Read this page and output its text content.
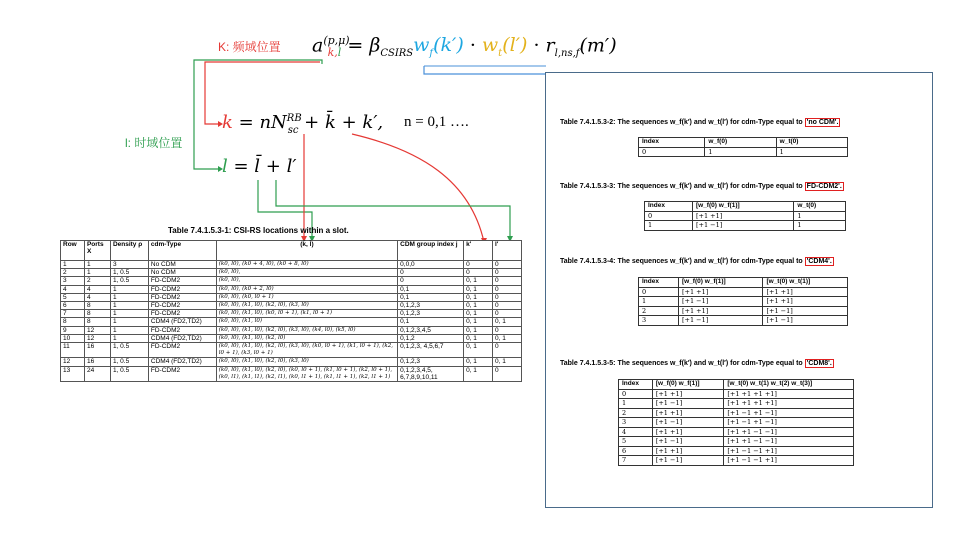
K: 频域位置
l: 时域位置
$a^{(p,\mu)}_{k,l} = \beta_{CSIRS}w_f(k') \cdot w_t(l') \cdot r_{l,ns,f}(m')$
$k = nN^{RB}_{sc}$ + k̄ + k′, n = 0,1 ….
l = l̄ + l′
Table 7.4.1.5.3-1: CSI-RS locations within a slot.
Row	Ports X	Density ρ	cdm-Type	(k̄, l̄)	CDM group index j	k′	l′
1	1	3	No CDM	(k0, l0), (k0 + 4, l0), (k0 + 8, l0)	0,0,0	0	0
2	1	1, 0.5	No CDM	(k0, l0),	0	0	0
3	2	1, 0.5	FD-CDM2	(k0, l0),	0	0, 1	0
4	4	1	FD-CDM2	(k0, l0), (k0 + 2, l0)	0,1	0, 1	0
5	4	1	FD-CDM2	(k0, l0), (k0, l0 + 1)	0,1	0, 1	0
6	8	1	FD-CDM2	(k0, l0), (k1, l0), (k2, l0), (k3, l0)	0,1,2,3	0, 1	0
7	8	1	FD-CDM2	(k0, l0), (k1, l0), (k0, l0 + 1), (k1, l0 + 1)	0,1,2,3	0, 1	0
8	8	1	CDM4 (FD2,TD2)	(k0, l0), (k1, l0)	0,1	0, 1	0, 1
9	12	1	FD-CDM2	(k0, l0), (k1, l0), (k2, l0), (k3, l0), (k4, l0), (k5, l0)	0,1,2,3,4,5	0, 1	0
10	12	1	CDM4 (FD2,TD2)	(k0, l0), (k1, l0), (k2, l0)	0,1,2	0, 1	0, 1
11	16	1, 0.5	FD-CDM2	(k0, l0), (k1, l0), (k2, l0), (k3, l0), (k0, l0 + 1), (k1, l0 + 1), (k2, l0 + 1), (k3, l0 + 1)	0,1,2,3, 4,5,6,7	0, 1	0
12	16	1, 0.5	CDM4 (FD2,TD2)	(k0, l0), (k1, l0), (k2, l0), (k3, l0)	0,1,2,3	0, 1	0, 1
13	24	1, 0.5	FD-CDM2	(k0, l0), (k1, l0), (k2, l0), (k0, l0 + 1), (k1, l0 + 1), (k2, l0 + 1), (k0, l1), (k1, l1), (k2, l1), (k0, l1 + 1), (k1, l1 + 1), (k2, l1 + 1)	0,1,2,3,4,5, 6,7,8,9,10,11	0, 1	0
Table 7.4.1.5.3-2: The sequences w_f(k′) and w_t(l′) for cdm-Type equal to 'no CDM'.
Index	w_f(0)	w_t(0)
0	1	1
Table 7.4.1.5.3-3: The sequences w_f(k′) and w_t(l′) for cdm-Type equal to FD-CDM2'.
Index	[w_f(0) w_f(1)]	w_t(0)
0	[+1 +1]	1
1	[+1 −1]	1
Table 7.4.1.5.3-4: The sequences w_f(k′) and w_t(l′) for cdm-Type equal to 'CDM4'.
Index	[w_f(0) w_f(1)]	[w_t(0) w_t(1)]
0	[+1 +1]	[+1 +1]
1	[+1 −1]	[+1 +1]
2	[+1 +1]	[+1 −1]
3	[+1 −1]	[+1 −1]
Table 7.4.1.5.3-5: The sequences w_f(k′) and w_t(l′) for cdm-Type equal to 'CDM8'.
Index	[w_f(0) w_f(1)]	[w_t(0) w_t(1) w_t(2) w_t(3)]
0	[+1 +1]	[+1 +1 +1 +1]
1	[+1 −1]	[+1 +1 +1 +1]
2	[+1 +1]	[+1 −1 +1 −1]
3	[+1 −1]	[+1 −1 +1 −1]
4	[+1 +1]	[+1 +1 −1 −1]
5	[+1 −1]	[+1 +1 −1 −1]
6	[+1 +1]	[+1 −1 −1 +1]
7	[+1 −1]	[+1 −1 −1 +1]
